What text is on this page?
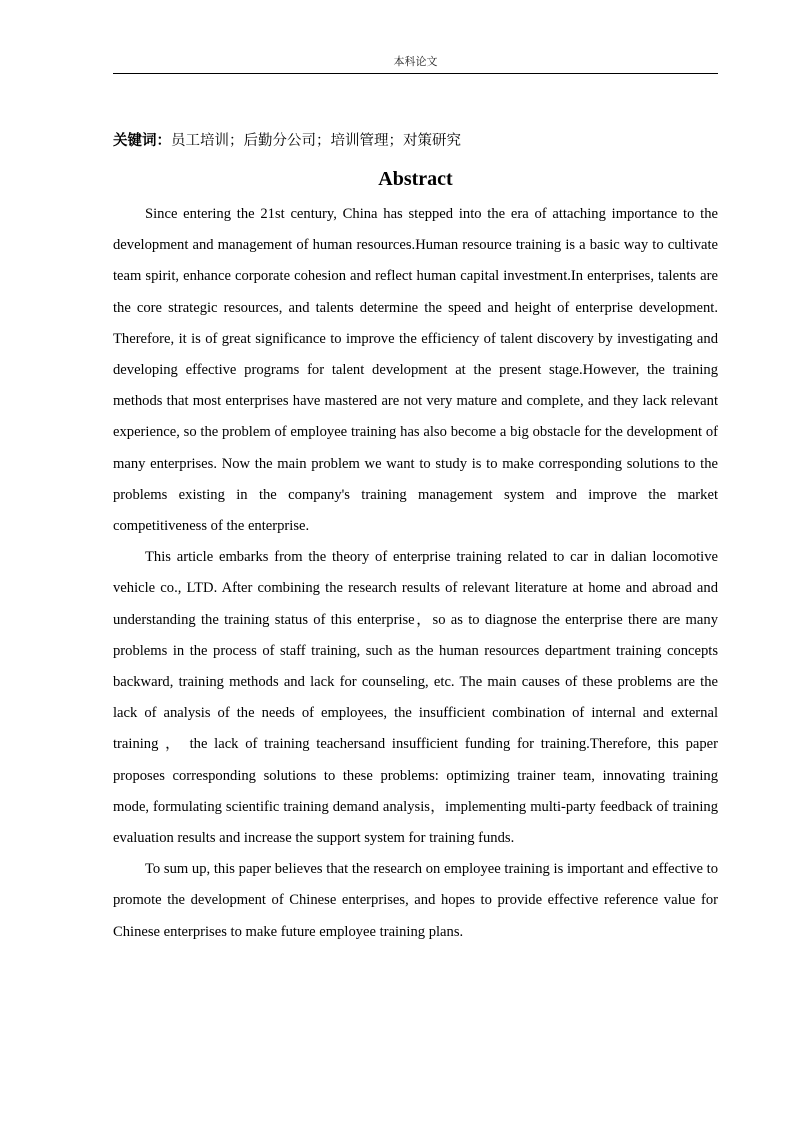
本科论文
关键词：员工培训；后勤分公司；培训管理；对策研究
Abstract

Since entering the 21st century, China has stepped into the era of attaching importance to the development and management of human resources.Human resource training is a basic way to cultivate team spirit, enhance corporate cohesion and reflect human capital investment.In enterprises, talents are the core strategic resources, and talents determine the speed and height of enterprise development. Therefore, it is of great significance to improve the efficiency of talent discovery by investigating and developing effective programs for talent development at the present stage.However, the training methods that most enterprises have mastered are not very mature and complete, and they lack relevant experience, so the problem of employee training has also become a big obstacle for the development of many enterprises. Now the main problem we want to study is to make corresponding solutions to the problems existing in the company's training management system and improve the market competitiveness of the enterprise.

This article embarks from the theory of enterprise training related to car in dalian locomotive vehicle co., LTD. After combining the research results of relevant literature at home and abroad and understanding the training status of this enterprise，so as to diagnose the enterprise there are many problems in the process of staff training, such as the human resources department training concepts backward, training methods and lack for counseling, etc. The main causes of these problems are the lack of analysis of the needs of employees, the insufficient combination of internal and external training ， the lack of training teachersand insufficient funding for training.Therefore, this paper proposes corresponding solutions to these problems: optimizing trainer team, innovating training mode, formulating scientific training demand analysis，implementing multi-party feedback of training evaluation results and increase the support system for training funds.

To sum up, this paper believes that the research on employee training is important and effective to promote the development of Chinese enterprises, and hopes to provide effective reference value for Chinese enterprises to make future employee training plans.
